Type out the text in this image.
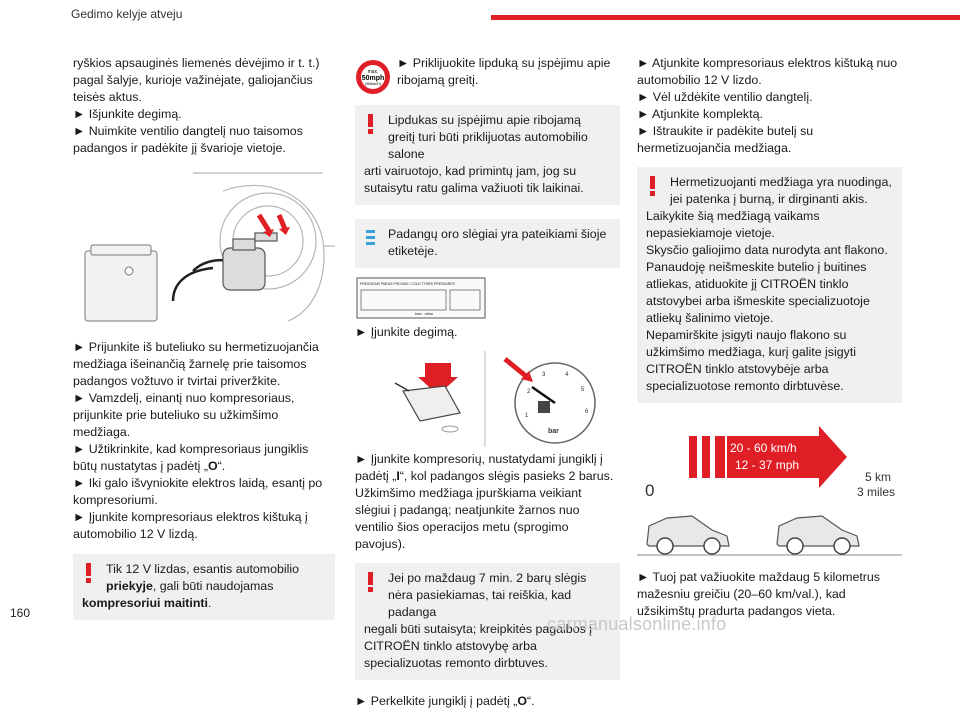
Gedimo kelyje atveju

ryškios apsauginės liemenės dėvėjimo ir t. t.) pagal šalyje, kurioje važinėjate, galiojančius teisės aktus.

► Išjunkite degimą.

► Nuimkite ventilio dangtelį nuo taisomos padangos ir padėkite jį švarioje vietoje.

► Prijunkite iš buteliuko su hermetizuojančia medžiaga išeinančią žarnelę prie taisomos padangos vožtuvo ir tvirtai priveržkite.

► Vamzdelį, einantį nuo kompresoriaus, prijunkite prie buteliuko su užkimšimo medžiaga.

► Užtikrinkite, kad kompresoriaus jungiklis būtų nustatytas į padėtį „O“.

► Iki galo išvyniokite elektros laidą, esantį po kompresoriumi.

► Įjunkite kompresoriaus elektros kištuką į automobilio 12 V lizdą.

Tik 12 V lizdas, esantis automobilio priekyje, gali būti naudojamas
kompresoriui maitinti.
max.
50mph
(80km/h)

► Priklijuokite lipduką su įspėjimu apie ribojamą greitį.

Lipdukas su įspėjimu apie ribojamą greitį turi būti priklijuotas automobilio salone
arti vairuotojo, kad primintų jam, jog su sutaisytu ratu galima važiuoti tik laikinai.
Padangų oro slėgiai yra pateikiami šioje etiketėje.
PRESSIONS PNEUS PROVIDE / COLD TYRES PRESSURES
bars · m/bar

► Įjunkite degimą.

1
2
3	4
5
6
bar

► Įjunkite kompresorių, nustatydami jungiklį į padėtį „I“, kol padangos slėgis pasieks 2 barus. Užkimšimo medžiaga įpurškiama veikiant slėgiui į padangą; neatjunkite žarnos nuo ventilio šios operacijos metu (sprogimo pavojus).

Jei po maždaug 7 min. 2 barų slėgis nėra pasiekiamas, tai reiškia, kad padanga
negali būti sutaisyta; kreipkitės pagalbos į CITROËN tinklo atstovybę arba specializuotas remonto dirbtuves.

► Perkelkite jungiklį į padėtį „O“.

► Atjunkite kompresoriaus elektros kištuką nuo automobilio 12 V lizdo.

► Vėl uždėkite ventilio dangtelį.

► Atjunkite komplektą.

► Ištraukite ir padėkite butelį su hermetizuojančia medžiaga.

Hermetizuojanti medžiaga yra nuodinga, jei patenka į burną, ir dirginanti akis.
Laikykite šią medžiagą vaikams nepasiekiamoje vietoje.
Skysčio galiojimo data nurodyta ant flakono.
Panaudoję neišmeskite butelio į buitines atliekas, atiduokite jį CITROËN tinklo atstovybei arba išmeskite specializuotoje atliekų šalinimo vietoje.
Nepamirškite įsigyti naujo flakono su užkimšimo medžiaga, kurį galite įsigyti CITROËN tinklo atstovybėje arba specializuotose remonto dirbtuvėse.
20 - 60 km/h
12 - 37 mph
0
5 km
3 miles

► Tuoj pat važiuokite maždaug 5 kilometrus mažesniu greičiu (20–60 km/val.), kad užsikimštų pradurta padangos vieta.

160
carmanualsonline.info
